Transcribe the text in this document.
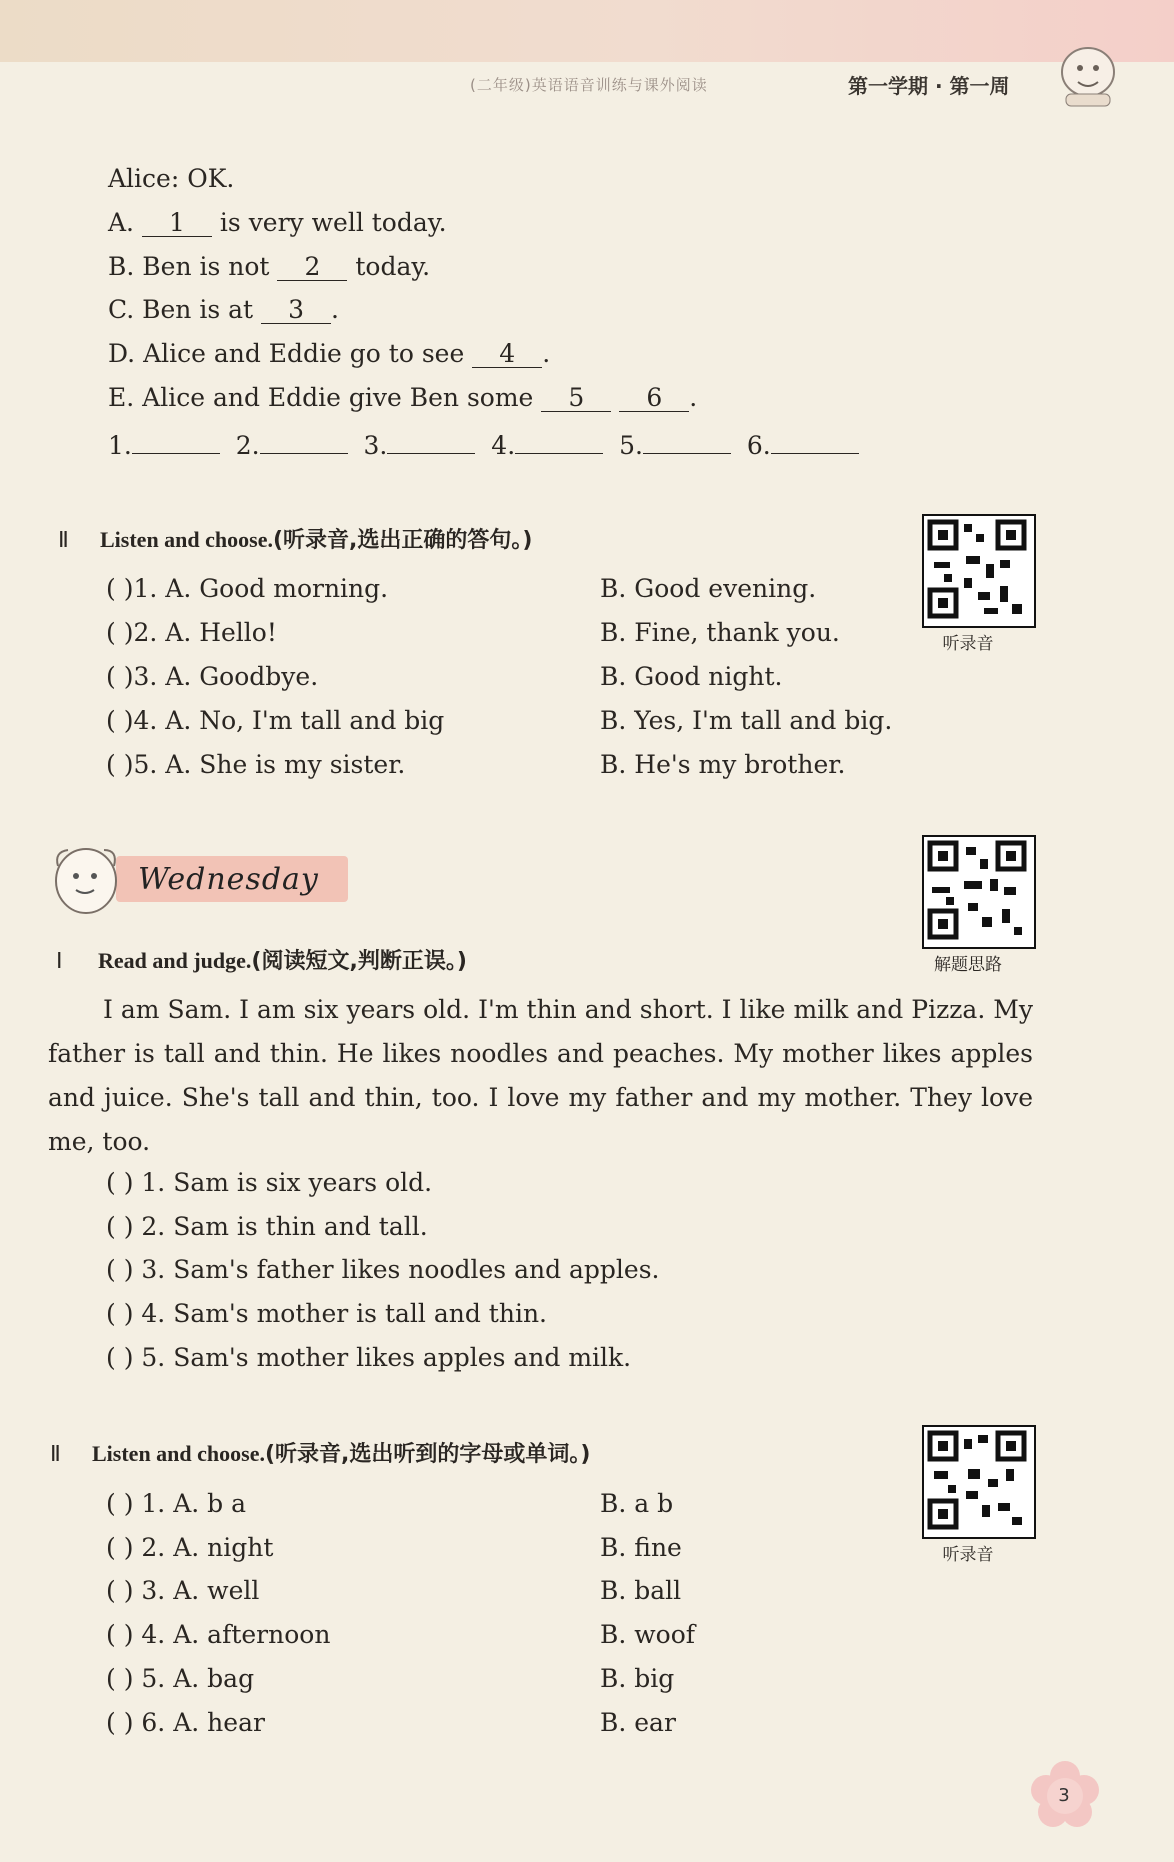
(二年级)英语语音训练与课外阅读	第一学期 · 第一周
Alice: OK.
A. 1 is very well today.
B. Ben is not 2 today.
C. Ben is at 3 .
D. Alice and Eddie go to see 4 .
E. Alice and Eddie give Ben some 5 6 .
1.	2.	3.	4.	5.	6.
Ⅱ Listen and choose.(听录音,选出正确的答句。)
听录音
( )1. A. Good morning.	B. Good evening.
( )2. A. Hello!	B. Fine, thank you.
( )3. A. Goodbye.	B. Good night.
( )4. A. No, I'm tall and big	B. Yes, I'm tall and big.
( )5. A. She is my sister.	B. He's my brother.
Wednesday
解题思路
Ⅰ Read and judge.(阅读短文,判断正误。)
I am Sam. I am six years old. I'm thin and short. I like milk and Pizza. My father is tall and thin. He likes noodles and peaches. My mother likes apples and juice. She's tall and thin, too. I love my father and my mother. They love me, too.
( ) 1. Sam is six years old.
( ) 2. Sam is thin and tall.
( ) 3. Sam's father likes noodles and apples.
( ) 4. Sam's mother is tall and thin.
( ) 5. Sam's mother likes apples and milk.
Ⅱ Listen and choose.(听录音,选出听到的字母或单词。)
听录音
( ) 1. A. b a	B. a b
( ) 2. A. night	B. fine
( ) 3. A. well	B. ball
( ) 4. A. afternoon	B. woof
( ) 5. A. bag	B. big
( ) 6. A. hear	B. ear
3
